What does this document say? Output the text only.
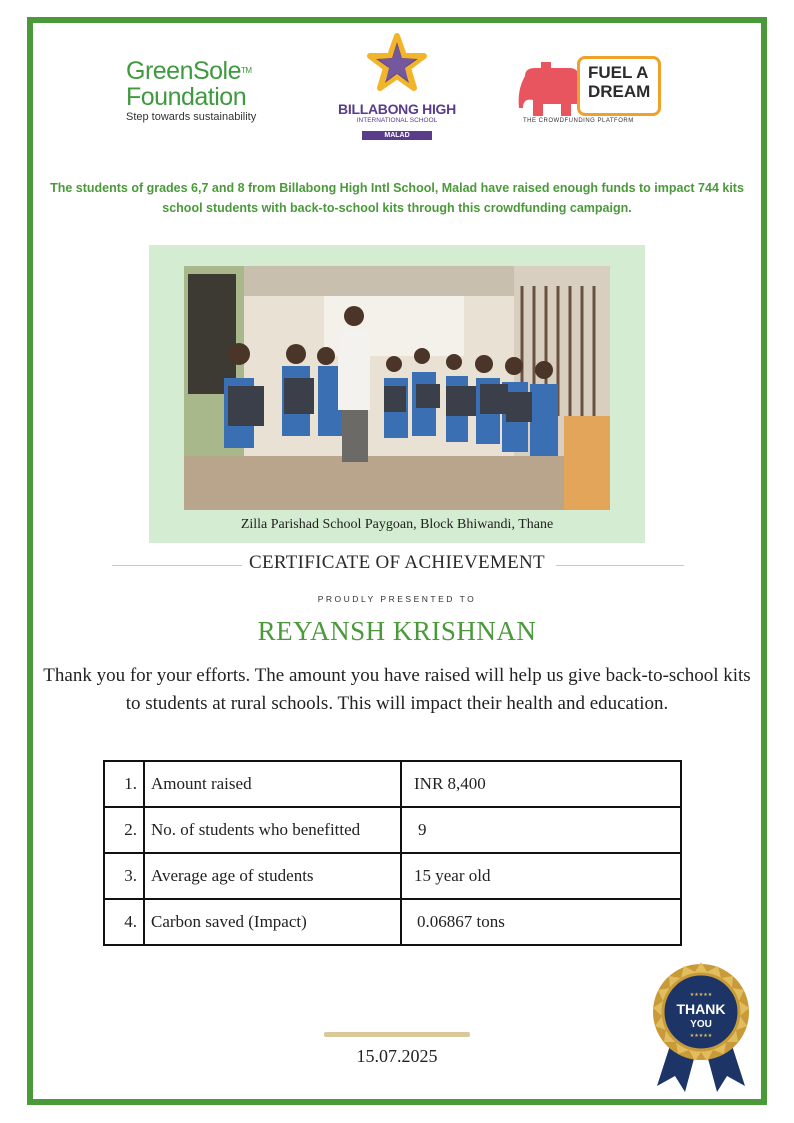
GreenSole™
Foundation
Step towards sustainability	BILLABONG HIGH
INTERNATIONAL SCHOOL
MALAD
FUEL A
DREAM
THE CROWDFUNDING PLATFORM
The students of grades 6,7 and 8 from Billabong High Intl School, Malad have raised enough funds to impact 744 kits school students with back-to-school kits through this crowdfunding campaign.
Zilla Parishad School Paygoan, Block Bhiwandi, Thane
CERTIFICATE OF ACHIEVEMENT
PROUDLY PRESENTED TO
REYANSH KRISHNAN
Thank you for your efforts. The amount you have raised will help us give back-to-school kits to students at rural schools. This will impact their health and education.
1.	Amount raised	INR 8,400
2.	No. of students who benefitted	9
3.	Average age of students	15 year old
4.	Carbon saved (Impact)	0.06867 tons
15.07.2025
★★★★★
THANK
YOU
★★★★★
